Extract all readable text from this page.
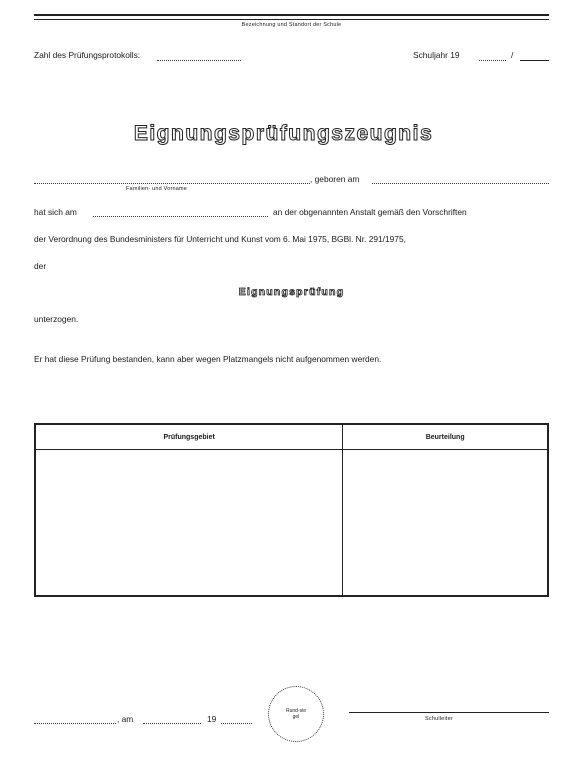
Bezeichnung und Standort der Schule
Zahl des Prüfungsprotokolls:	Schuljahr 19	/
Eignungsprüfungszeugnis
, geboren am
Familien- und Vorname
hat sich am	an der obgenannten Anstalt gemäß den Vorschriften
der Verordnung des Bundesministers für Unterricht und Kunst vom 6. Mai 1975, BGBl. Nr. 291/1975,
der
Eignungsprüfung
unterzogen.
Er hat diese Prüfung bestanden, kann aber wegen Platzmangels nicht aufgenommen werden.
Prüfungsgebiet	Beurteilung

, am	19
Rund-siegel	Schulleiter
